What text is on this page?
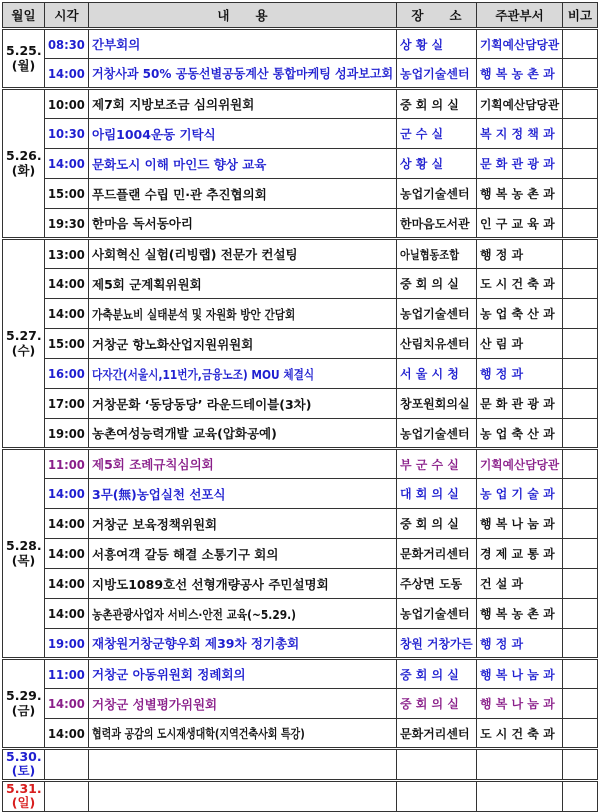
월일	시각	내      용	장      소	주관부서	비고

5.25.
(월)	08:30	간부회의	상 황 실	기획예산담당관	
	14:00	거창사과 50% 공동선별공동계산 통합마케팅 성과보고회	농업기술센터	행 복 농 촌 과	

5.26.
(화)	10:00	제7회 지방보조금 심의위원회	중 회 의 실	기획예산담당관	
	10:30	아림1004운동 기탁식	군 수 실	복 지 정 책 과	
	14:00	문화도시 이해 마인드 향상 교육	상 황 실	문 화 관 광 과	
	15:00	푸드플랜 수립 민·관 추진협의회	농업기술센터	행 복 농 촌 과	
	19:30	한마음 독서동아리	한마음도서관	인 구 교 육 과	

5.27.
(수)	13:00	사회혁신 실험(리빙랩) 전문가 컨설팅	아닐협동조합	행 정 과	
	14:00	제5회 군계획위원회	중 회 의 실	도 시 건 축 과	
	14:00	가축분뇨비 실태분석 및 자원화 방안 간담회	농업기술센터	농 업 축 산 과	
	15:00	거창군 항노화산업지원위원회	산림치유센터	산 림 과	
	16:00	다자간(서울시,11번가,금융노조) MOU 체결식	서 울 시 청	행 정 과	
	17:00	거창문화 ‘동당동당’ 라운드테이블(3차)	창포원회의실	문 화 관 광 과	
	19:00	농촌여성능력개발 교육(압화공예)	농업기술센터	농 업 축 산 과	

5.28.
(목)	11:00	제5회 조례규칙심의회	부 군 수 실	기획예산담당관	
	14:00	3무(無)농업실천 선포식	대 회 의 실	농 업 기 술 과	
	14:00	거창군 보육정책위원회	중 회 의 실	행 복 나 눔 과	
	14:00	서흥여객 갈등 해결 소통기구 회의	문화거리센터	경 제 교 통 과	
	14:00	지방도1089호선 선형개량공사 주민설명회	주상면 도동	건 설 과	
	14:00	농촌관광사업자 서비스·안전 교육(~5.29.)	농업기술센터	행 복 농 촌 과	
	19:00	재창원거창군향우회 제39차 정기총회	창원 거창가든	행 정 과	

5.29.
(금)	11:00	거창군 아동위원회 정례회의	중 회 의 실	행 복 나 눔 과	
	14:00	거창군 성별평가위원회	중 회 의 실	행 복 나 눔 과	
	14:00	협력과 공감의 도시재생대학(지역건축사회 특강)	문화거리센터	도 시 건 축 과	

5.30.
(토)					

5.31.
(일)					
